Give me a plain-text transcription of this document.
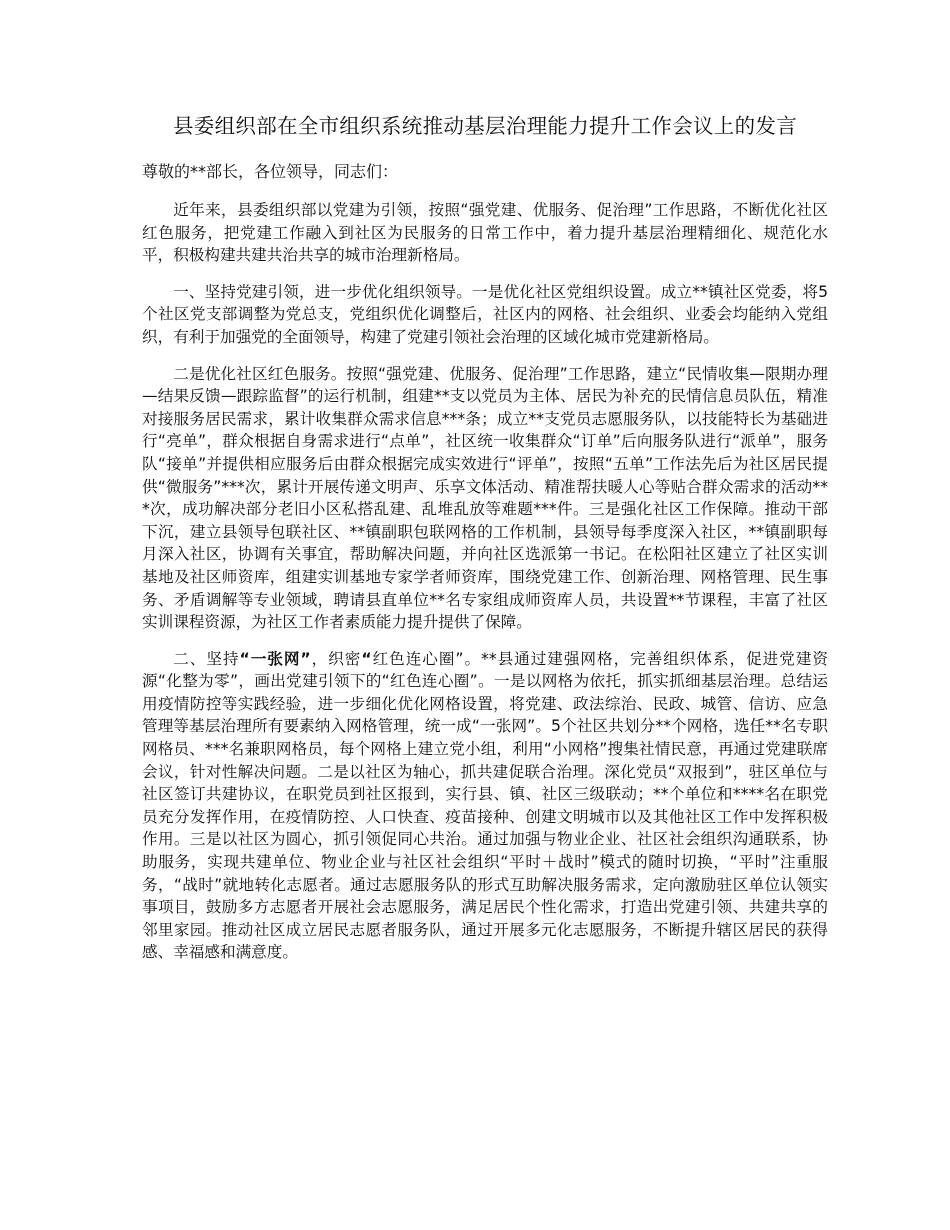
县委组织部在全市组织系统推动基层治理能力提升工作会议上的发言
尊敬的**部长，各位领导，同志们：

近年来，县委组织部以党建为引领，按照“强党建、优服务、促治理”工作思路，不断优化社区红色服务，把党建工作融入到社区为民服务的日常工作中，着力提升基层治理精细化、规范化水平，积极构建共建共治共享的城市治理新格局。

一、坚持党建引领，进一步优化组织领导。一是优化社区党组织设置。成立**镇社区党委，将5个社区党支部调整为党总支，党组织优化调整后，社区内的网格、社会组织、业委会均能纳入党组织，有利于加强党的全面领导，构建了党建引领社会治理的区域化城市党建新格局。

二是优化社区红色服务。按照“强党建、优服务、促治理”工作思路，建立“民情收集—限期办理—结果反馈—跟踪监督”的运行机制，组建**支以党员为主体、居民为补充的民情信息员队伍，精准对接服务居民需求，累计收集群众需求信息***条；成立**支党员志愿服务队，以技能特长为基础进行“亮单”，群众根据自身需求进行“点单”，社区统一收集群众“订单”后向服务队进行“派单”，服务队“接单”并提供相应服务后由群众根据完成实效进行“评单”，按照“五单”工作法先后为社区居民提供“微服务”***次，累计开展传递文明声、乐享文体活动、精准帮扶暖人心等贴合群众需求的活动***次，成功解决部分老旧小区私搭乱建、乱堆乱放等难题***件。三是强化社区工作保障。推动干部下沉，建立县领导包联社区、**镇副职包联网格的工作机制，县领导每季度深入社区，**镇副职每月深入社区，协调有关事宜，帮助解决问题，并向社区选派第一书记。在松阳社区建立了社区实训基地及社区师资库，组建实训基地专家学者师资库，围绕党建工作、创新治理、网格管理、民生事务、矛盾调解等专业领域，聘请县直单位**名专家组成师资库人员，共设置**节课程，丰富了社区实训课程资源，为社区工作者素质能力提升提供了保障。

二、坚持“一张网”，织密“红色连心圈”。**县通过建强网格，完善组织体系，促进党建资源“化整为零”，画出党建引领下的“红色连心圈”。一是以网格为依托，抓实抓细基层治理。总结运用疫情防控等实践经验，进一步细化优化网格设置，将党建、政法综治、民政、城管、信访、应急管理等基层治理所有要素纳入网格管理，统一成“一张网”。5个社区共划分**个网格，选任**名专职网格员、***名兼职网格员，每个网格上建立党小组，利用“小网格”搜集社情民意，再通过党建联席会议，针对性解决问题。二是以社区为轴心，抓共建促联合治理。深化党员“双报到”，驻区单位与社区签订共建协议，在职党员到社区报到，实行县、镇、社区三级联动；**个单位和****名在职党员充分发挥作用，在疫情防控、人口快查、疫苗接种、创建文明城市以及其他社区工作中发挥积极作用。三是以社区为圆心，抓引领促同心共治。通过加强与物业企业、社区社会组织沟通联系，协助服务，实现共建单位、物业企业与社区社会组织“平时＋战时”模式的随时切换，“平时”注重服务，“战时”就地转化志愿者。通过志愿服务队的形式互助解决服务需求，定向激励驻区单位认领实事项目，鼓励多方志愿者开展社会志愿服务，满足居民个性化需求，打造出党建引领、共建共享的邻里家园。推动社区成立居民志愿者服务队，通过开展多元化志愿服务，不断提升辖区居民的获得感、幸福感和满意度。
